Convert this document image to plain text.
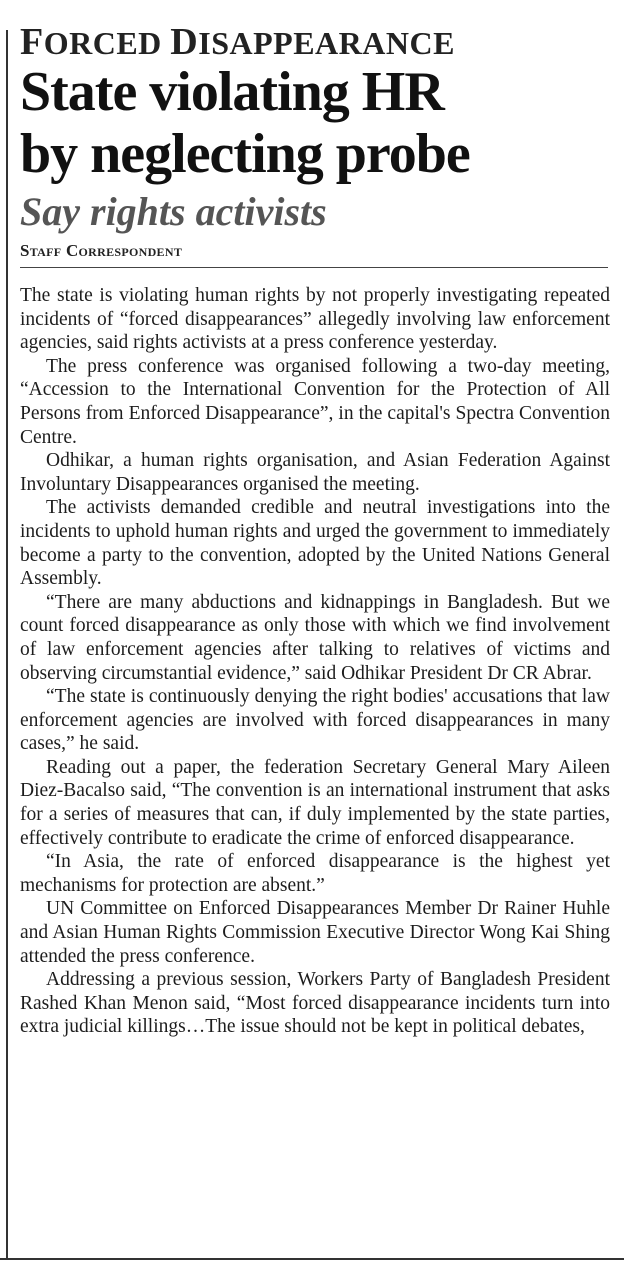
FORCED DISAPPEARANCE
State violating HR
by neglecting probe
Say rights activists
Staff Correspondent

The state is violating human rights by not properly investigating repeated incidents of “forced disappearances” allegedly involving law enforcement agencies, said rights activists at a press conference yesterday.

The press conference was organised following a two-day meeting, “Accession to the International Convention for the Protection of All Persons from Enforced Disappearance”, in the capital's Spectra Convention Centre.

Odhikar, a human rights organisation, and Asian Federation Against Involuntary Disappearances organised the meeting.

The activists demanded credible and neutral investigations into the incidents to uphold human rights and urged the government to immediately become a party to the convention, adopted by the United Nations General Assembly.

“There are many abductions and kidnappings in Bangladesh. But we count forced disappearance as only those with which we find involvement of law enforcement agencies after talking to relatives of victims and observing circumstantial evidence,” said Odhikar President Dr CR Abrar.

“The state is continuously denying the right bodies' accusations that law enforcement agencies are involved with forced disappearances in many cases,” he said.

Reading out a paper, the federation Secretary General Mary Aileen Diez-Bacalso said, “The convention is an international instrument that asks for a series of measures that can, if duly implemented by the state parties, effectively contribute to eradicate the crime of enforced disappearance.

“In Asia, the rate of enforced disappearance is the highest yet mechanisms for protection are absent.”

UN Committee on Enforced Disappearances Member Dr Rainer Huhle and Asian Human Rights Commission Executive Director Wong Kai Shing attended the press conference.

Addressing a previous session, Workers Party of Bangladesh President Rashed Khan Menon said, “Most forced disappearance incidents turn into extra judicial killings…The issue should not be kept in political debates,
